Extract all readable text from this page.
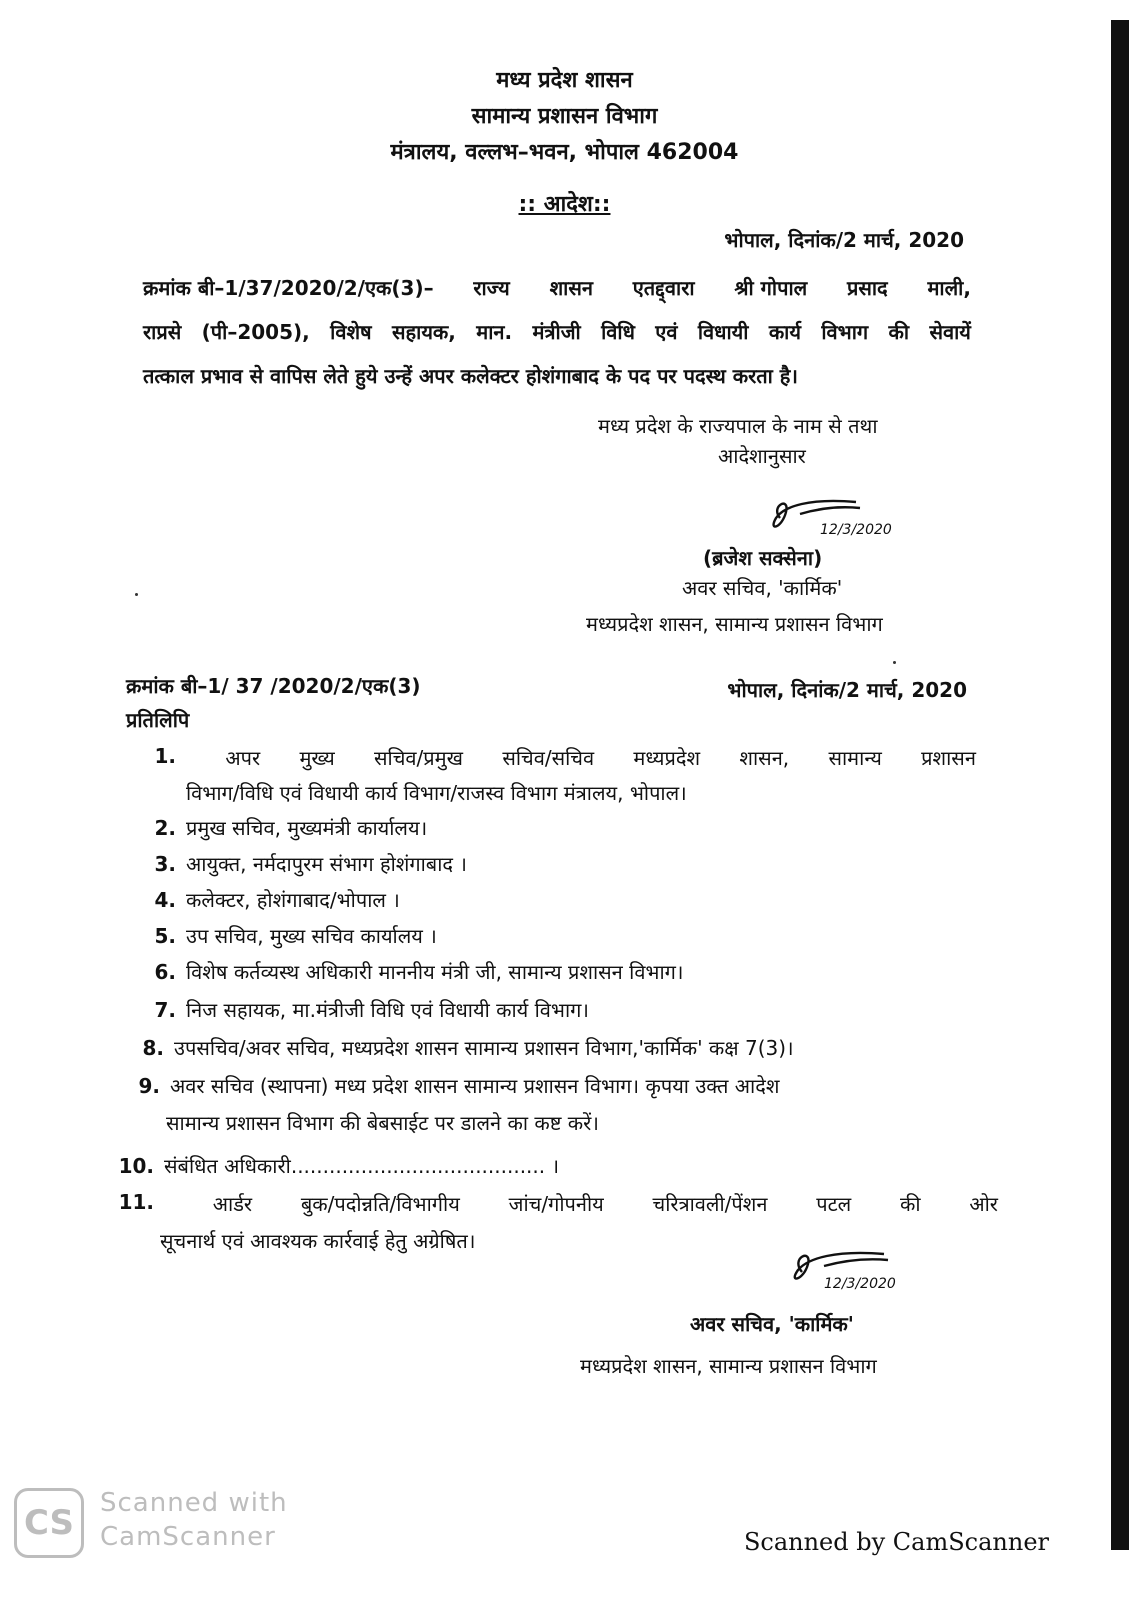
मध्य प्रदेश शासन
सामान्य प्रशासन विभाग
मंत्रालय, वल्लभ–भवन, भोपाल 462004
:: आदेश::
भोपाल, दिनांक/2 मार्च, 2020
क्रमांक बी–1/37/2020/2/एक(3)– राज्य शासन एतद्द्वारा श्री गोपाल प्रसाद माली,
राप्रसे (पी–2005), विशेष सहायक, मान. मंत्रीजी विधि एवं विधायी कार्य विभाग की सेवायें
तत्काल प्रभाव से वापिस लेते हुये उन्हें अपर कलेक्टर होशंगाबाद के पद पर पदस्थ करता है।
मध्य प्रदेश के राज्यपाल के नाम से तथा
आदेशानुसार
12/3/2020
(ब्रजेश सक्सेना)
अवर सचिव, 'कार्मिक'
मध्यप्रदेश शासन, सामान्य प्रशासन विभाग
क्रमांक बी–1/ 37 /2020/2/एक(3)	भोपाल, दिनांक/2 मार्च, 2020
प्रतिलिपि
1. अपर मुख्य सचिव/प्रमुख सचिव/सचिव मध्यप्रदेश शासन, सामान्य प्रशासन
विभाग/विधि एवं विधायी कार्य विभाग/राजस्व विभाग मंत्रालय, भोपाल।
2. प्रमुख सचिव, मुख्यमंत्री कार्यालय।
3. आयुक्त, नर्मदापुरम संभाग होशंगाबाद ।
4. कलेक्टर, होशंगाबाद/भोपाल ।
5. उप सचिव, मुख्य सचिव कार्यालय ।
6. विशेष कर्तव्यस्थ अधिकारी माननीय मंत्री जी, सामान्य प्रशासन विभाग।
7. निज सहायक, मा.मंत्रीजी विधि एवं विधायी कार्य विभाग।
8. उपसचिव/अवर सचिव, मध्यप्रदेश शासन सामान्य प्रशासन विभाग,'कार्मिक' कक्ष 7(3)।
9. अवर सचिव (स्थापना) मध्य प्रदेश शासन सामान्य प्रशासन विभाग। कृपया उक्त आदेश
सामान्य प्रशासन विभाग की बेबसाईट पर डालने का कष्ट करें।
10. संबंधित अधिकारी........................................ ।
11.	आर्डर बुक/पदोन्नति/विभागीय जांच/गोपनीय चरित्रावली/पेंशन पटल की ओर
सूचनार्थ एवं आवश्यक कार्रवाई हेतु अग्रेषित।
12/3/2020
अवर सचिव, 'कार्मिक'
मध्यप्रदेश शासन, सामान्य प्रशासन विभाग
CS Scanned with
CamScanner	Scanned by CamScanner
